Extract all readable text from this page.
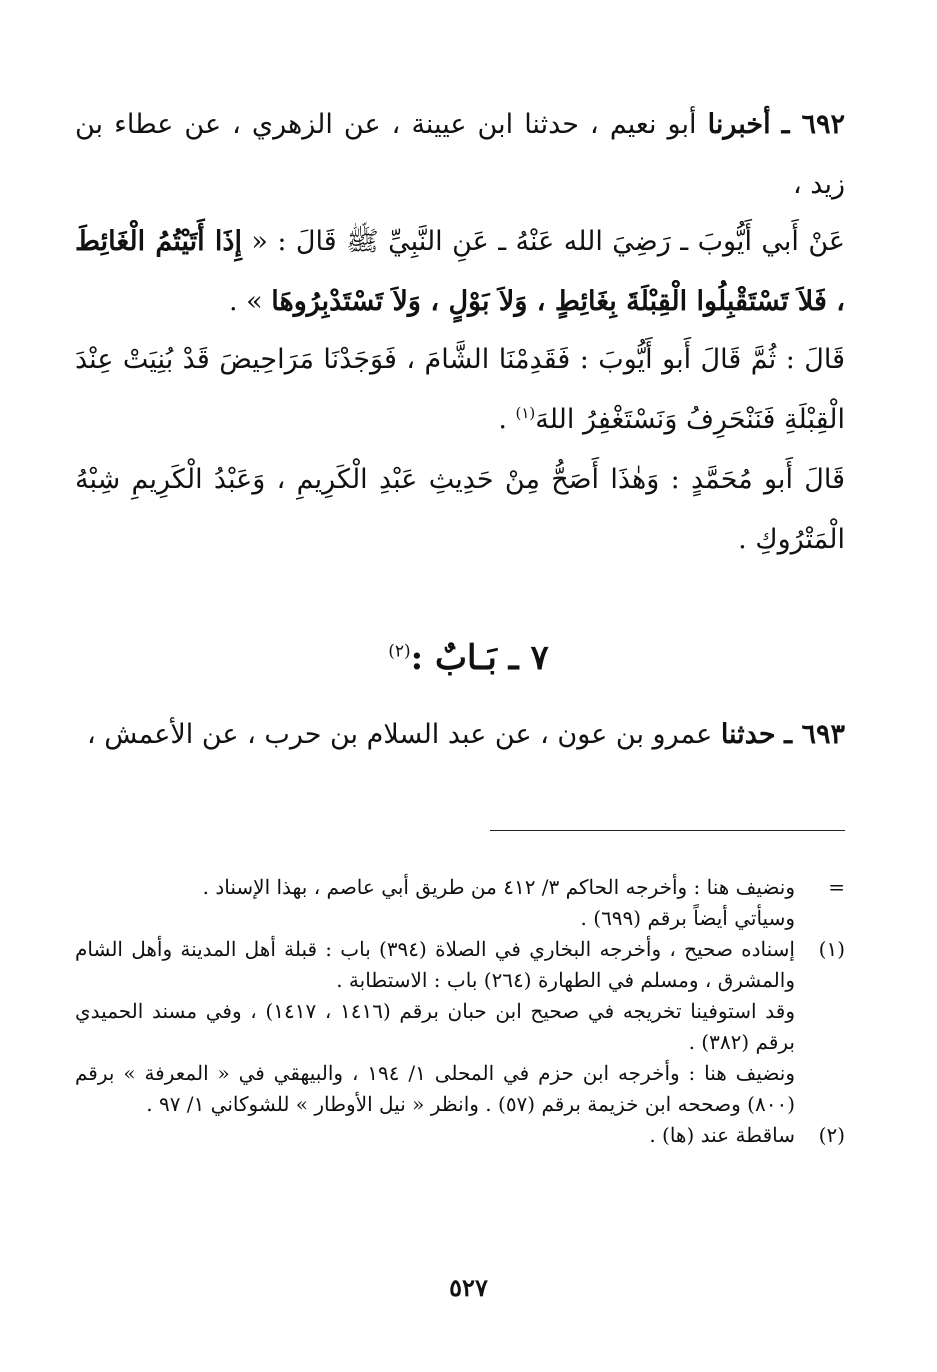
٦٩٢ ـ أخبرنا أبو نعيم ، حدثنا ابن عيينة ، عن الزهري ، عن عطاء بن زيد ،
عَنْ أَبي أَيُّوبَ ـ رَضِيَ الله عَنْهُ ـ عَنِ النَّبِيِّ ﷺ قَالَ : « إِذَا أَتَيْتُمُ الْغَائِطَ ، فَلاَ تَسْتَقْبِلُوا الْقِبْلَةَ بِغَائِطٍ ، وَلاَ بَوْلٍ ، وَلاَ تَسْتَدْبِرُوهَا » .
قَالَ : ثُمَّ قَالَ أَبو أَيُّوبَ : فَقَدِمْنَا الشَّامَ ، فَوَجَدْنَا مَرَاحِيضَ قَدْ بُنِيَتْ عِنْدَ الْقِبْلَةِ فَنَنْحَرِفُ وَنَسْتَغْفِرُ اللهَ$^{(١)}$ .
قَالَ أَبو مُحَمَّدٍ : وَهٰذَا أَصَحُّ مِنْ حَدِيثِ عَبْدِ الْكَرِيمِ ، وَعَبْدُ الْكَرِيمِ شِبْهُ الْمَتْرُوكِ .
٧ ـ بَـابٌ :$^{(٢)}$
٦٩٣ ـ حدثنا عمرو بن عون ، عن عبد السلام بن حرب ، عن الأعمش ،
=

ونضيف هنا : وأخرجه الحاكم ٣/ ٤١٢ من طريق أبي عاصم ، بهذا الإسناد .

وسيأتي أيضاً برقم (٦٩٩) .

(١)

إسناده صحيح ، وأخرجه البخاري في الصلاة (٣٩٤) باب : قبلة أهل المدينة وأهل الشام والمشرق ، ومسلم في الطهارة (٢٦٤) باب : الاستطابة .

وقد استوفينا تخريجه في صحيح ابن حبان برقم (١٤١٦ ، ١٤١٧) ، وفي مسند الحميدي برقم (٣٨٢) .

ونضيف هنا : وأخرجه ابن حزم في المحلى ١/ ١٩٤ ، والبيهقي في « المعرفة » برقم (٨٠٠) وصححه ابن خزيمة برقم (٥٧) . وانظر « نيل الأوطار » للشوكاني ١/ ٩٧ .

(٢)

ساقطة عند (ها) .

٥٢٧
